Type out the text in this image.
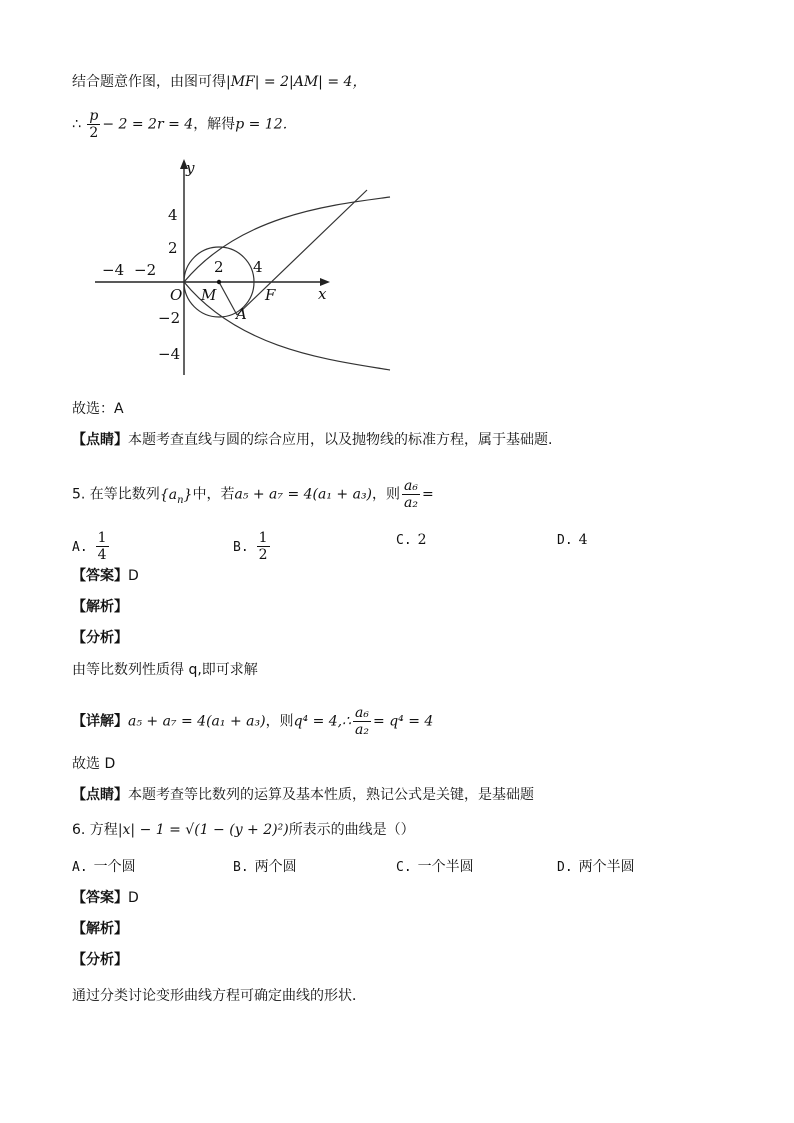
结合题意作图，由图可得|MF| = 2|AM| = 4，
∴ $\frac{p}{2} - 2 = 2r = 4$，解得p = 12．
4
2
−2
−4
−4 −2	2 4
y
x
O M	F
A
故选：A
【点睛】本题考查直线与圆的综合应用，以及抛物线的标准方程，属于基础题.
5. 在等比数列$\{a_n\}$中，若a₅ + a₇ = 4(a₁ + a₃)，则 $\frac{\text{a₆}}{\text{a₂}}$ =
A. $\frac{1}{4}$	B. $\frac{1}{2}$	C. 2	D. 4
【答案】D
【解析】
【分析】
由等比数列性质得 q,即可求解
【详解】a₅ + a₇ = 4(a₁ + a₃)，则q⁴ = 4,∴ $\frac{\text{a₆}}{\text{a₂}} = q^4 = 4$
故选 D
【点睛】本题考查等比数列的运算及基本性质，熟记公式是关键，是基础题
6. 方程|x| − 1 = √(1 − (y + 2)²)所表示的曲线是（）
A. 一个圆	B. 两个圆	C. 一个半圆	D. 两个半圆
【答案】D
【解析】
【分析】
通过分类讨论变形曲线方程可确定曲线的形状．
